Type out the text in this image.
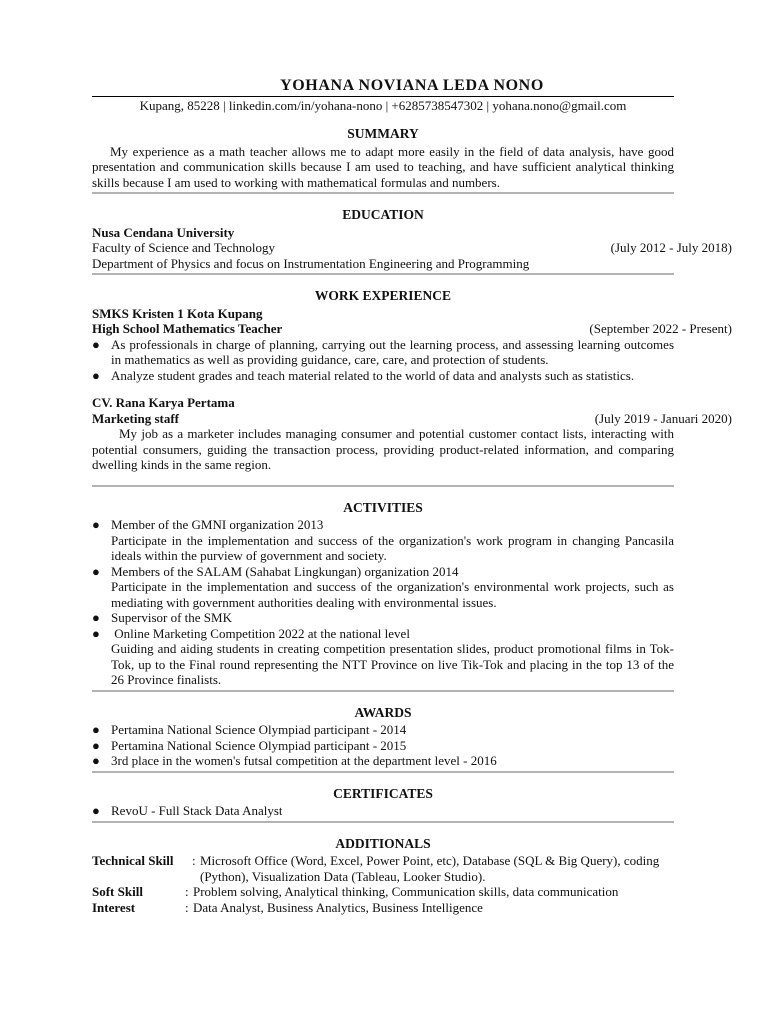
YOHANA NOVIANA LEDA NONO
Kupang, 85228 | linkedin.com/in/yohana-nono | +6285738547302 | yohana.nono@gmail.com
SUMMARY
My experience as a math teacher allows me to adapt more easily in the field of data analysis, have good presentation and communication skills because I am used to teaching, and have sufficient analytical thinking skills because I am used to working with mathematical formulas and numbers.
EDUCATION
Nusa Cendana University
Faculty of Science and Technology	(July 2012 - July 2018)
Department of Physics and focus on Instrumentation Engineering and Programming
WORK EXPERIENCE
SMKS Kristen 1 Kota Kupang
High School Mathematics Teacher	(September 2022 - Present)
● As professionals in charge of planning, carrying out the learning process, and assessing learning outcomes in mathematics as well as providing guidance, care, care, and protection of students.
● Analyze student grades and teach material related to the world of data and analysts such as statistics.
CV. Rana Karya Pertama
Marketing staff	(July 2019 - Januari 2020)
My job as a marketer includes managing consumer and potential customer contact lists, interacting with potential consumers, guiding the transaction process, providing product-related information, and comparing dwelling kinds in the same region.
ACTIVITIES
● Member of the GMNI organization 2013
Participate in the implementation and success of the organization's work program in changing Pancasila ideals within the purview of government and society.
● Members of the SALAM (Sahabat Lingkungan) organization 2014
Participate in the implementation and success of the organization's environmental work projects, such as mediating with government authorities dealing with environmental issues.
● Supervisor of the SMK
● Online Marketing Competition 2022 at the national level
Guiding and aiding students in creating competition presentation slides, product promotional films in Tok-Tok, up to the Final round representing the NTT Province on live Tik-Tok and placing in the top 13 of the 26 Province finalists.
AWARDS
● Pertamina National Science Olympiad participant - 2014
● Pertamina National Science Olympiad participant - 2015
● 3rd place in the women's futsal competition at the department level - 2016
CERTIFICATES
● RevoU - Full Stack Data Analyst
ADDITIONALS
Technical Skill	: Microsoft Office (Word, Excel, Power Point, etc), Database (SQL & Big Query), coding (Python), Visualization Data (Tableau, Looker Studio).
Soft Skill	: Problem solving, Analytical thinking, Communication skills, data communication
Interest	: Data Analyst, Business Analytics, Business Intelligence
